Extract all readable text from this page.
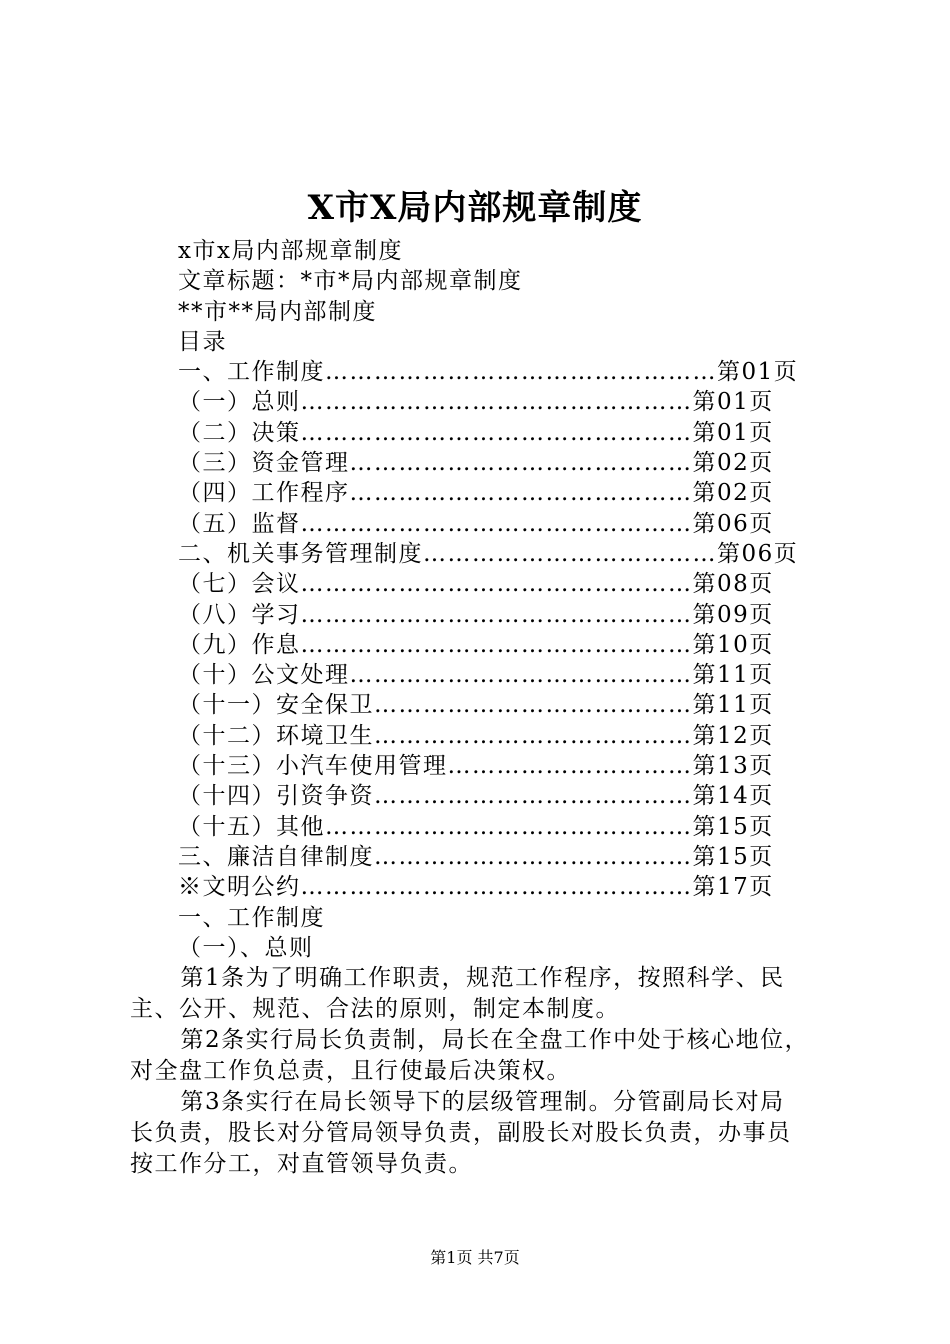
X市X局内部规章制度
x市x局内部规章制度
文章标题：*市*局内部规章制度
**市**局内部制度
目录
一、工作制度…………………………………………第01页
（一）总则…………………………………………第01页
（二）决策…………………………………………第01页
（三）资金管理……………………………………第02页
（四）工作程序……………………………………第02页
（五）监督…………………………………………第06页
二、机关事务管理制度………………………………第06页
（七）会议…………………………………………第08页
（八）学习…………………………………………第09页
（九）作息…………………………………………第10页
（十）公文处理……………………………………第11页
（十一）安全保卫…………………………………第11页
（十二）环境卫生…………………………………第12页
（十三）小汽车使用管理…………………………第13页
（十四）引资争资…………………………………第14页
（十五）其他………………………………………第15页
三、廉洁自律制度…………………………………第15页
※文明公约…………………………………………第17页
一、工作制度
（一）、总则
　第1条为了明确工作职责，规范工作程序，按照科学、民
主、公开、规范、合法的原则，制定本制度。
　第2条实行局长负责制，局长在全盘工作中处于核心地位，
对全盘工作负总责，且行使最后决策权。
　第3条实行在局长领导下的层级管理制。分管副局长对局
长负责，股长对分管局领导负责，副股长对股长负责，办事员
按工作分工，对直管领导负责。
第1页 共7页
